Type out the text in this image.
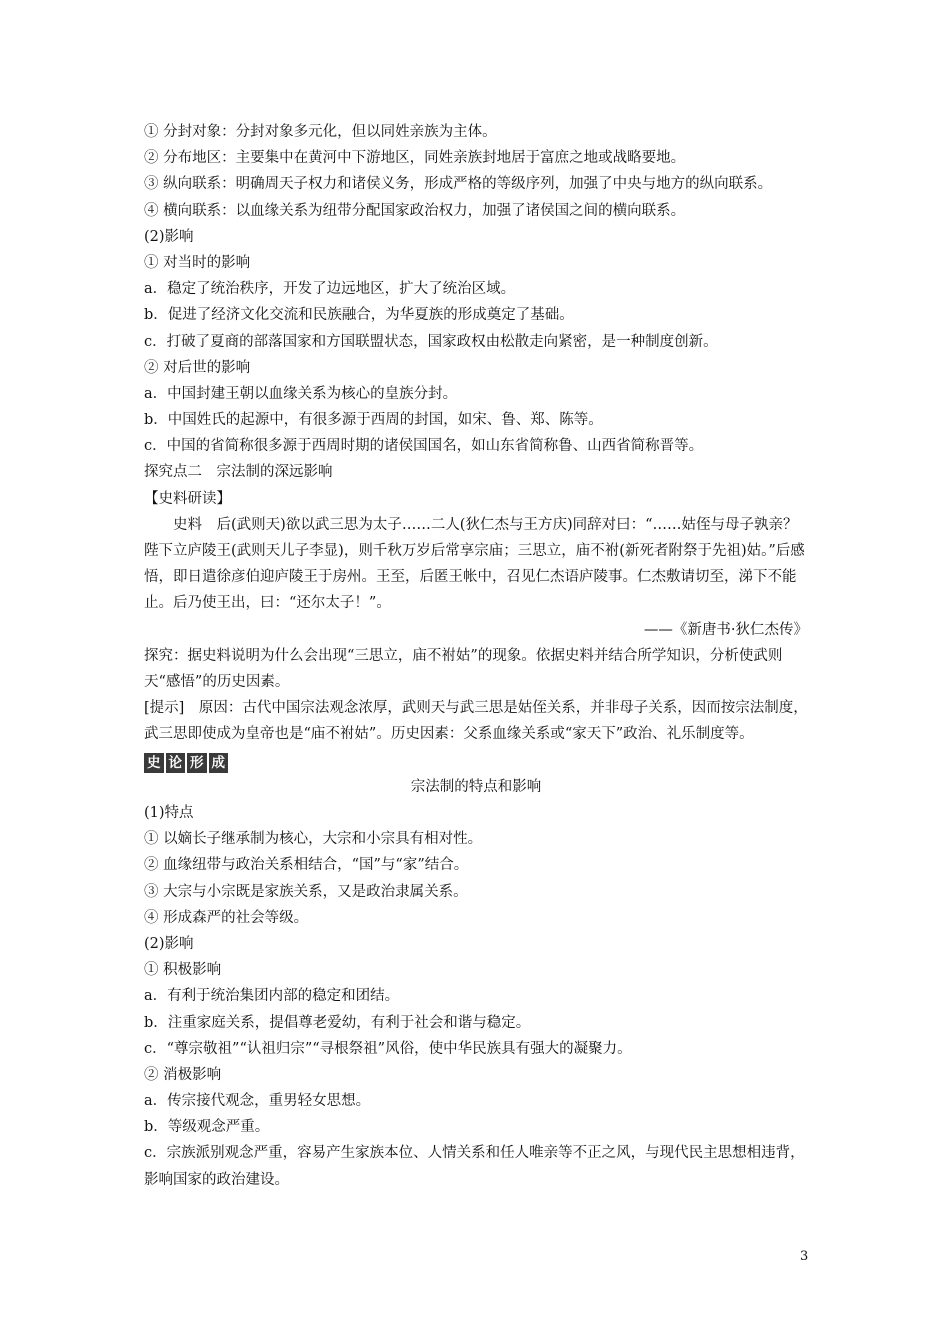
① 分封对象：分封对象多元化，但以同姓亲族为主体。
② 分布地区：主要集中在黄河中下游地区，同姓亲族封地居于富庶之地或战略要地。
③ 纵向联系：明确周天子权力和诸侯义务，形成严格的等级序列，加强了中央与地方的纵向联系。
④ 横向联系：以血缘关系为纽带分配国家政治权力，加强了诸侯国之间的横向联系。
(2)影响
① 对当时的影响
a．稳定了统治秩序，开发了边远地区，扩大了统治区域。
b．促进了经济文化交流和民族融合，为华夏族的形成奠定了基础。
c．打破了夏商的部落国家和方国联盟状态，国家政权由松散走向紧密，是一种制度创新。
② 对后世的影响
a．中国封建王朝以血缘关系为核心的皇族分封。
b．中国姓氏的起源中，有很多源于西周的封国，如宋、鲁、郑、陈等。
c．中国的省简称很多源于西周时期的诸侯国国名，如山东省简称鲁、山西省简称晋等。
探究点二　宗法制的深远影响
【史料研读】
史料　后(武则天)欲以武三思为太子……二人(狄仁杰与王方庆)同辞对曰：“……姑侄与母子孰亲？陛下立庐陵王(武则天儿子李显)，则千秋万岁后常享宗庙；三思立，庙不祔(新死者附祭于先祖)姑。”后感悟，即日遣徐彦伯迎庐陵王于房州。王至，后匿王帐中，召见仁杰语庐陵事。仁杰敷请切至，涕下不能止。后乃使王出，曰：“还尔太子！”。
——《新唐书·狄仁杰传》
探究：据史料说明为什么会出现“三思立，庙不祔姑”的现象。依据史料并结合所学知识，分析使武则天“感悟”的历史因素。
[提示]　原因：古代中国宗法观念浓厚，武则天与武三思是姑侄关系，并非母子关系，因而按宗法制度，武三思即使成为皇帝也是“庙不祔姑”。历史因素：父系血缘关系或“家天下”政治、礼乐制度等。
史 论 形 成
宗法制的特点和影响
(1)特点
① 以嫡长子继承制为核心，大宗和小宗具有相对性。
② 血缘纽带与政治关系相结合，“国”与“家”结合。
③ 大宗与小宗既是家族关系，又是政治隶属关系。
④ 形成森严的社会等级。
(2)影响
① 积极影响
a．有利于统治集团内部的稳定和团结。
b．注重家庭关系，提倡尊老爱幼，有利于社会和谐与稳定。
c．“尊宗敬祖”“认祖归宗”“寻根祭祖”风俗，使中华民族具有强大的凝聚力。
② 消极影响
a．传宗接代观念，重男轻女思想。
b．等级观念严重。
c．宗族派别观念严重，容易产生家族本位、人情关系和任人唯亲等不正之风，与现代民主思想相违背，影响国家的政治建设。
3
